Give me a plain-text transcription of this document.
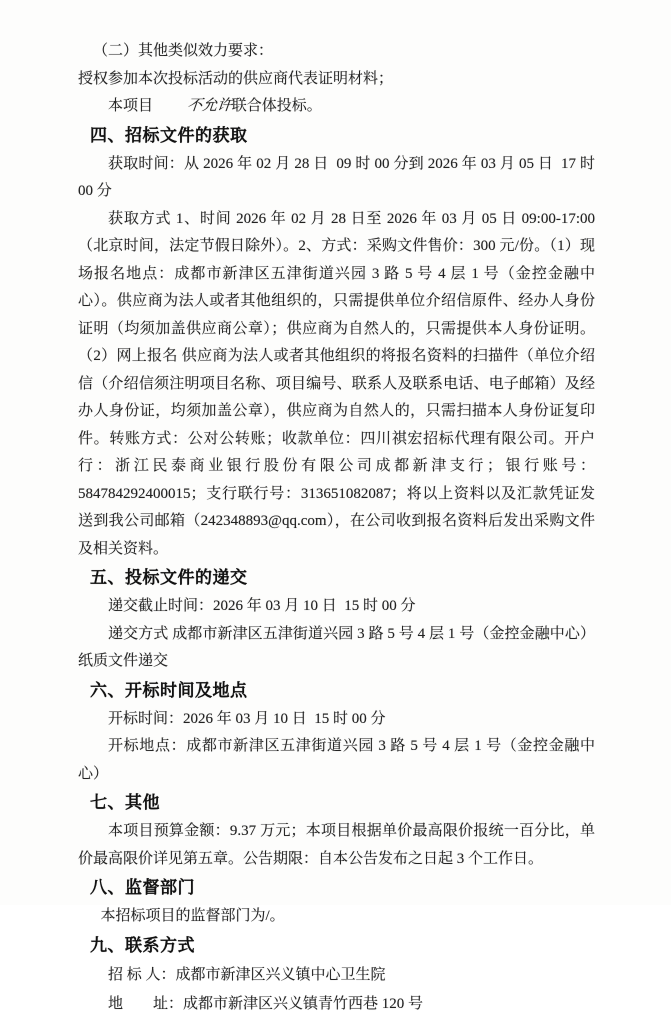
（二）其他类似效力要求：

授权参加本次投标活动的供应商代表证明材料；

本项目 不允许联合体投标。

四、招标文件的获取

获取时间：从 2026 年 02 月 28 日  09 时 00 分到 2026 年 03 月 05 日  17 时 00 分

获取方式 1、时间 2026 年 02 月 28 日至 2026 年 03 月 05 日 09:00-17:00（北京时间，法定节假日除外）。2、方式：采购文件售价：300 元/份。（1）现场报名地点：成都市新津区五津街道兴园 3 路 5 号 4 层 1 号（金控金融中心）。供应商为法人或者其他组织的，只需提供单位介绍信原件、经办人身份证明（均须加盖供应商公章）；供应商为自然人的，只需提供本人身份证明。（2）网上报名 供应商为法人或者其他组织的将报名资料的扫描件（单位介绍信（介绍信须注明项目名称、项目编号、联系人及联系电话、电子邮箱）及经办人身份证，均须加盖公章），供应商为自然人的，只需扫描本人身份证复印件。转账方式：公对公转账；收款单位：四川祺宏招标代理有限公司。开户行：浙江民泰商业银行股份有限公司成都新津支行；银行账号：584784292400015；支行联行号：313651082087；将以上资料以及汇款凭证发送到我公司邮箱（242348893@qq.com），在公司收到报名资料后发出采购文件及相关资料。

五、投标文件的递交

递交截止时间：2026 年 03 月 10 日  15 时 00 分

递交方式 成都市新津区五津街道兴园 3 路 5 号 4 层 1 号（金控金融中心）纸质文件递交

六、开标时间及地点

开标时间：2026 年 03 月 10 日  15 时 00 分

开标地点：成都市新津区五津街道兴园 3 路 5 号 4 层 1 号（金控金融中心）

七、其他

本项目预算金额：9.37 万元；本项目根据单价最高限价报统一百分比，单价最高限价详见第五章。公告期限：自本公告发布之日起 3 个工作日。

八、监督部门

本招标项目的监督部门为/。

九、联系方式

招 标 人：成都市新津区兴义镇中心卫生院

地　　址：成都市新津区兴义镇青竹西巷 120 号
